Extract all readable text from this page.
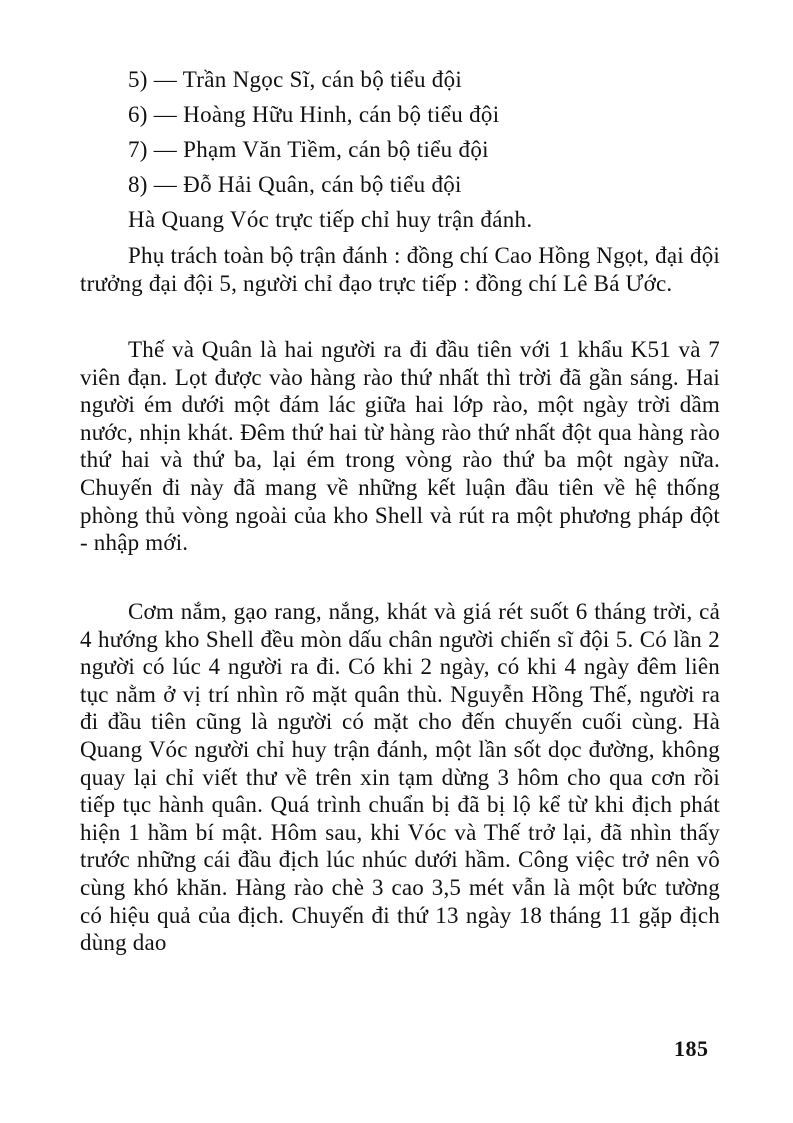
5) — Trần Ngọc Sĩ, cán bộ tiểu đội
6) — Hoàng Hữu Hinh, cán bộ tiểu đội
7) — Phạm Văn Tiềm, cán bộ tiểu đội
8) — Đỗ Hải Quân, cán bộ tiểu đội
Hà Quang Vóc trực tiếp chỉ huy trận đánh.

Phụ trách toàn bộ trận đánh : đồng chí Cao Hồng Ngọt, đại đội trưởng đại đội 5, người chỉ đạo trực tiếp : đồng chí Lê Bá Ước.

Thế và Quân là hai người ra đi đầu tiên với 1 khẩu K51 và 7 viên đạn. Lọt được vào hàng rào thứ nhất thì trời đã gần sáng. Hai người ém dưới một đám lác giữa hai lớp rào, một ngày trời dầm nước, nhịn khát. Đêm thứ hai từ hàng rào thứ nhất đột qua hàng rào thứ hai và thứ ba, lại ém trong vòng rào thứ ba một ngày nữa. Chuyến đi này đã mang về những kết luận đầu tiên về hệ thống phòng thủ vòng ngoài của kho Shell và rút ra một phương pháp đột - nhập mới.

Cơm nắm, gạo rang, nắng, khát và giá rét suốt 6 tháng trời, cả 4 hướng kho Shell đều mòn dấu chân người chiến sĩ đội 5. Có lần 2 người có lúc 4 người ra đi. Có khi 2 ngày, có khi 4 ngày đêm liên tục nằm ở vị trí nhìn rõ mặt quân thù. Nguyễn Hồng Thế, người ra đi đầu tiên cũng là người có mặt cho đến chuyến cuối cùng. Hà Quang Vóc người chỉ huy trận đánh, một lần sốt dọc đường, không quay lại chỉ viết thư về trên xin tạm dừng 3 hôm cho qua cơn rồi tiếp tục hành quân. Quá trình chuẩn bị đã bị lộ kể từ khi địch phát hiện 1 hầm bí mật. Hôm sau, khi Vóc và Thế trở lại, đã nhìn thấy trước những cái đầu địch lúc nhúc dưới hầm. Công việc trở nên vô cùng khó khăn. Hàng rào chè 3 cao 3,5 mét vẫn là một bức tường có hiệu quả của địch. Chuyến đi thứ 13 ngày 18 tháng 11 gặp địch dùng dao

185
